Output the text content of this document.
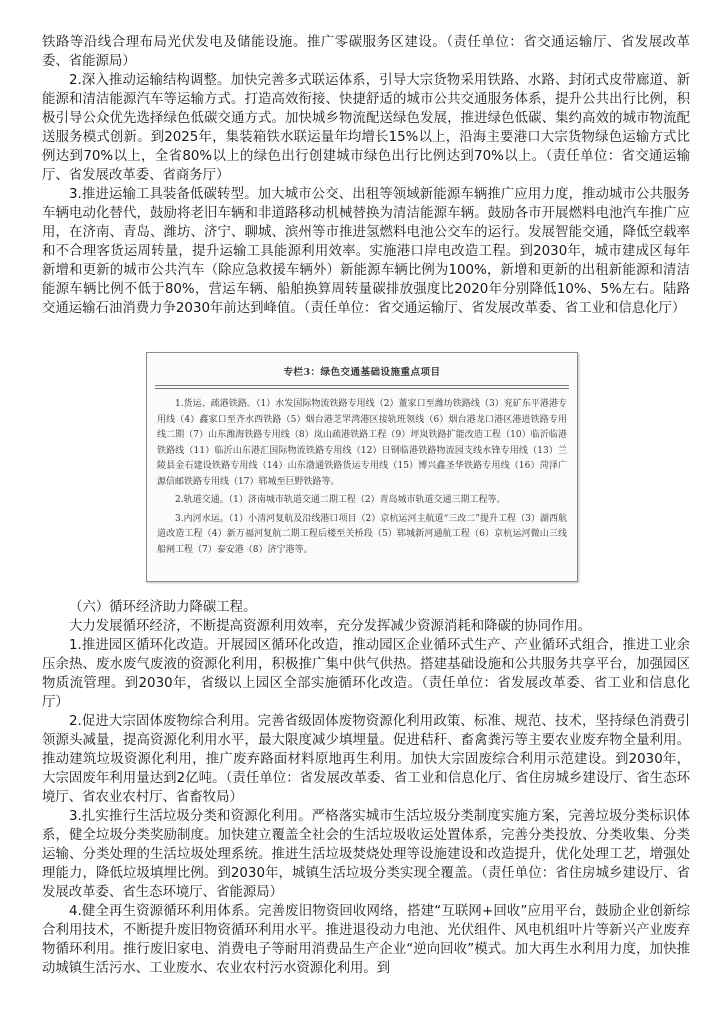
铁路等沿线合理布局光伏发电及储能设施。推广零碳服务区建设。（责任单位：省交通运输厅、省发展改革委、省能源局）

2.深入推动运输结构调整。加快完善多式联运体系，引导大宗货物采用铁路、水路、封闭式皮带廊道、新能源和清洁能源汽车等运输方式。打造高效衔接、快捷舒适的城市公共交通服务体系，提升公共出行比例，积极引导公众优先选择绿色低碳交通方式。加快城乡物流配送绿色发展，推进绿色低碳、集约高效的城市物流配送服务模式创新。到2025年，集装箱铁水联运量年均增长15%以上，沿海主要港口大宗货物绿色运输方式比例达到70%以上，全省80%以上的绿色出行创建城市绿色出行比例达到70%以上。（责任单位：省交通运输厅、省发展改革委、省商务厅）

3.推进运输工具装备低碳转型。加大城市公交、出租等领域新能源车辆推广应用力度，推动城市公共服务车辆电动化替代，鼓励将老旧车辆和非道路移动机械替换为清洁能源车辆。鼓励各市开展燃料电池汽车推广应用，在济南、青岛、潍坊、济宁、聊城、滨州等市推进氢燃料电池公交车的运行。发展智能交通，降低空载率和不合理客货运周转量，提升运输工具能源利用效率。实施港口岸电改造工程。到2030年，城市建成区每年新增和更新的城市公共汽车（除应急救援车辆外）新能源车辆比例为100%，新增和更新的出租新能源和清洁能源车辆比例不低于80%，营运车辆、船舶换算周转量碳排放强度比2020年分别降低10%、5%左右。陆路交通运输石油消费力争2030年前达到峰值。（责任单位：省交通运输厅、省发展改革委、省工业和信息化厅）

专栏3：绿色交通基础设施重点项目

1.货运、疏港铁路。（1）水发国际物流铁路专用线（2）董家口至潍坊铁路线（3）兖矿东平港港专用线（4）鑫家口至齐水西铁路（5）烟台港芝罘湾港区接轨班领线（6）烟台港龙口港区港进铁路专用线二期（7）山东潍海铁路专用线（8）岚山疏港铁路工程（9）坪岚铁路扩能改造工程（10）临沂临港铁路线（11）临沂山东港汇国际物流铁路专用线（12）日钢临港铁路物流园支线水锋专用线（13）兰陵县金石建设铁路专用线（14）山东渤通铁路货运专用线（15）博兴鑫圣华铁路专用线（16）菏泽广源信邮铁路专用线（17）郓城至巨野铁路等。

2.轨道交通。（1）济南城市轨道交通二期工程（2）青岛城市轨道交通三期工程等。

3.内河水运。（1）小清河复航及沿线港口项目（2）京杭运河主航道“三改二”提升工程（3）湖西航道改造工程（4）新万福河复航二期工程后楼至关桥段（5）郓城新河通航工程（6）京杭运河微山三线船闸工程（7）泰安港（8）济宁港等。

（六）循环经济助力降碳工程。

大力发展循环经济，不断提高资源利用效率，充分发挥减少资源消耗和降碳的协同作用。

1.推进园区循环化改造。开展园区循环化改造，推动园区企业循环式生产、产业循环式组合，推进工业余压余热、废水废气废液的资源化利用，积极推广集中供气供热。搭建基础设施和公共服务共享平台，加强园区物质流管理。到2030年，省级以上园区全部实施循环化改造。（责任单位：省发展改革委、省工业和信息化厅）

2.促进大宗固体废物综合利用。完善省级固体废物资源化利用政策、标准、规范、技术，坚持绿色消费引领源头减量，提高资源化利用水平，最大限度减少填埋量。促进秸秆、畜禽粪污等主要农业废弃物全量利用。推动建筑垃圾资源化利用，推广废弃路面材料原地再生利用。加快大宗固废综合利用示范建设。到2030年，大宗固废年利用量达到2亿吨。（责任单位：省发展改革委、省工业和信息化厅、省住房城乡建设厅、省生态环境厅、省农业农村厅、省畜牧局）

3.扎实推行生活垃圾分类和资源化利用。严格落实城市生活垃圾分类制度实施方案，完善垃圾分类标识体系，健全垃圾分类奖励制度。加快建立覆盖全社会的生活垃圾收运处置体系，完善分类投放、分类收集、分类运输、分类处理的生活垃圾处理系统。推进生活垃圾焚烧处理等设施建设和改造提升，优化处理工艺，增强处理能力，降低垃圾填埋比例。到2030年，城镇生活垃圾分类实现全覆盖。（责任单位：省住房城乡建设厅、省发展改革委、省生态环境厅、省能源局）

4.健全再生资源循环利用体系。完善废旧物资回收网络，搭建“互联网+回收”应用平台，鼓励企业创新综合利用技术，不断提升废旧物资循环利用水平。推进退役动力电池、光伏组件、风电机组叶片等新兴产业废弃物循环利用。推行废旧家电、消费电子等耐用消费品生产企业“逆向回收”模式。加大再生水利用力度，加快推动城镇生活污水、工业废水、农业农村污水资源化利用。到
